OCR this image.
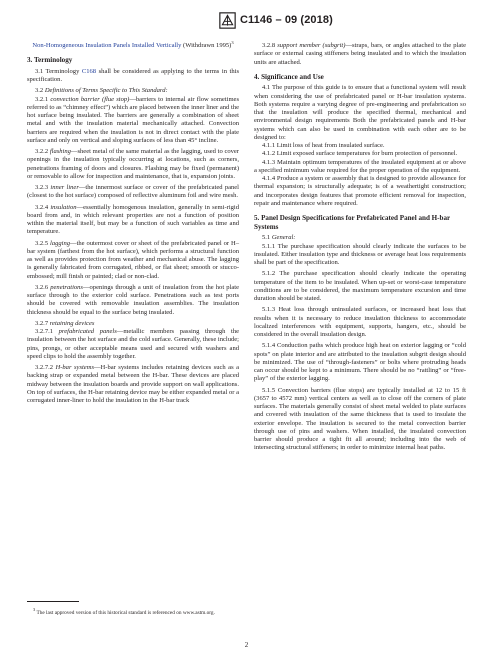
C1146 – 09 (2018)

Non-Homogeneous Insulation Panels Installed Vertically (Withdrawn 1995)$^3$

3. Terminology

3.1 Terminology C168 shall be considered as applying to the terms in this specification.

3.2 Definitions of Terms Specific to This Standard:

3.2.1 convection barrier (flue stop)—barriers to internal air flow sometimes referred to as “chimney effect”) which are placed between the inner liner and the hot surface being insulated. The barriers are generally a combination of sheet metal and with the insulation material mechanically attached. Convection barriers are required when the insulation is not in direct contact with the plate surface and only on vertical and sloping surfaces of less than 45° incline.

3.2.2 flashing—sheet metal of the same material as the lagging, used to cover openings in the insulation typically occurring at locations, such as corners, penetrations framing of doors and closures. Flashing may be fixed (permanent) or removable to allow for inspection and maintenance, that is, expansion joints.

3.2.3 inner liner—the innermost surface or cover of the prefabricated panel (closest to the hot surface) composed of reflective aluminum foil and wire mesh.

3.2.4 insulation—essentially homogenous insulation, generally in semi-rigid board from and, in which relevant properties are not a function of position within the material itself, but may be a function of such variables as time and temperature.

3.2.5 lagging—the outermost cover or sheet of the prefabricated panel or H–bar system (farthest from the hot surface), which performs a structural function as well as provides protection from weather and mechanical abuse. The lagging is generally fabricated from corrugated, ribbed, or flat sheet; smooth or stucco-embossed; mill finish or painted; clad or non-clad.

3.2.6 penetrations—openings through a unit of insulation from the hot plate surface through to the exterior cold surface. Penetrations such as test ports should be covered with removable insulation assemblies. The insulation thickness should be equal to the surface being insulated.

3.2.7 retaining devices

3.2.7.1 prefabricated panels—metallic members passing through the insulation between the hot surface and the cold surface. Generally, these include; pins, prongs, or other acceptable means used and secured with washers and speed clips to hold the assembly together.

3.2.7.2 H-bar systems—H-bar systems includes retaining devices such as a backing strap or expanded metal between the H-bar. These devices are placed midway between the insulation boards and provide support on wall applications. On top of surfaces, the H-bar retaining device may be either expanded metal or a corrugated inner-liner to hold the insulation in the H-bar track

3.2.8 support member (subgrit)—straps, bars, or angles attached to the plate surface or external casing stiffeners being insulated and to which the insulation units are attached.

4. Significance and Use

4.1 The purpose of this guide is to ensure that a functional system will result when considering the use of prefabricated panel or H-bar insulation systems. Both systems require a varying degree of pre-engineering and prefabrication so that the insulation will produce the specified thermal, mechanical and environmental design requirements Both the prefabricated panels and H-bar systems which can also be used in combination with each other are to be designed to:

4.1.1 Limit loss of heat from insulated surface.

4.1.2 Limit exposed surface temperatures for burn protection of personnel.

4.1.3 Maintain optimum temperatures of the insulated equipment at or above a specified minimum value required for the proper operation of the equipment.

4.1.4 Produce a system or assembly that is designed to provide allowance for thermal expansion; is structurally adequate; is of a weathertight construction; and incorporates design features that promote efficient removal for inspection, repair and maintenance where required.

5. Panel Design Specifications for Prefabricated Panel and H-bar Systems

5.1 General:

5.1.1 The purchase specification should clearly indicate the surfaces to be insulated. Either insulation type and thickness or average heat loss requirements shall be part of the specification.

5.1.2 The purchase specification should clearly indicate the operating temperature of the item to be insulated. When up-set or worst-case temperature conditions are to be considered, the maximum temperature excursion and time duration should be stated.

5.1.3 Heat loss through uninsulated surfaces, or increased heat loss that results when it is necessary to reduce insulation thickness to accommodate localized interferences with equipment, supports, hangers, etc., should be considered in the overall insulation design.

5.1.4 Conduction paths which produce high heat on exterior lagging or “cold spots” on plate interior and are attributed to the insulation subgrit design should be minimized. The use of “through-fasteners” or bolts where protruding heads can occur should be kept to a minimum. There should be no “rattling” or “free-play” of the exterior lagging.

5.1.5 Convection barriers (flue stops) are typically installed at 12 to 15 ft (3657 to 4572 mm) vertical centers as well as to close off the corners of plate surfaces. The materials generally consist of sheet metal welded to plate surfaces and covered with insulation of the same thickness that is used to insulate the exterior envelope. The insulation is secured to the metal convection barrier through use of pins and washers. When installed, the insulated convection barrier should produce a tight fit all around; including into the web of intersecting structural stiffeners; in order to minimize internal heat paths.

$^3$ The last approved version of this historical standard is referenced on www.astm.org.

2
